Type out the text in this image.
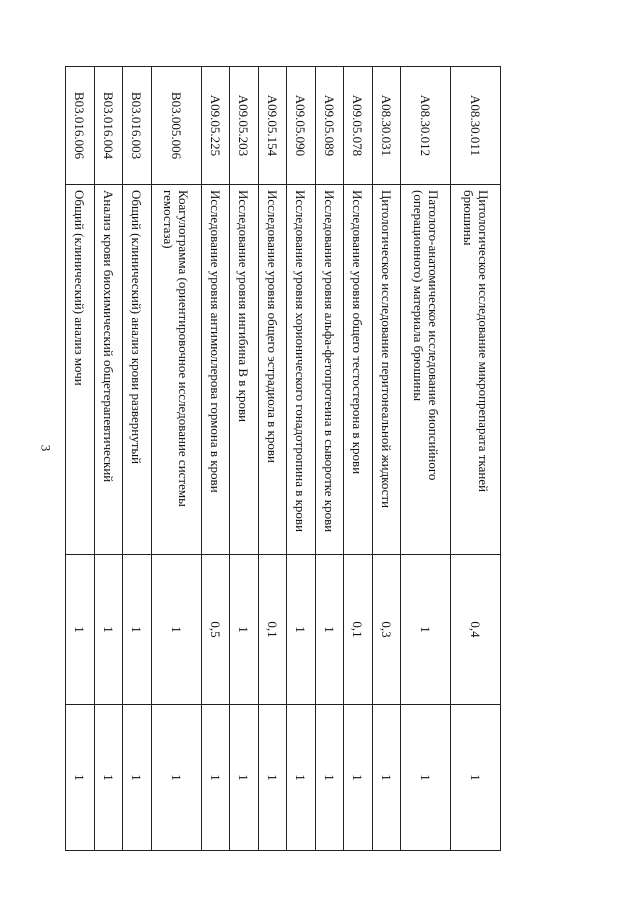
3
А08.30.011	Цитологическое исследование микропрепарата тканей брюшины	0,4	1
А08.30.012	Патолого-анатомическое исследование биопсийного (операционного) материала брюшины	1	1
А08.30.031	Цитологическое исследование перитонеальной жидкости	0,3	1
А09.05.078	Исследование уровня общего тестостерона в крови	0,1	1
А09.05.089	Исследование уровня альфа-фетопротеина в сыворотке крови	1	1
А09.05.090	Исследование уровня хорионического гонадотропина в крови	1	1
А09.05.154	Исследование уровня общего эстрадиола в крови	0,1	1
А09.05.203	Исследование уровня ингибина В в крови	1	1
А09.05.225	Исследование уровня антимюллерова гормона в крови	0,5	1
В03.005.006	Коагулограмма (ориентировочное исследование системы гемостаза)	1	1
В03.016.003	Общий (клинический) анализ крови развернутый	1	1
В03.016.004	Анализ крови биохимический общетерапевтический	1	1
В03.016.006	Общий (клинический) анализ мочи	1	1
